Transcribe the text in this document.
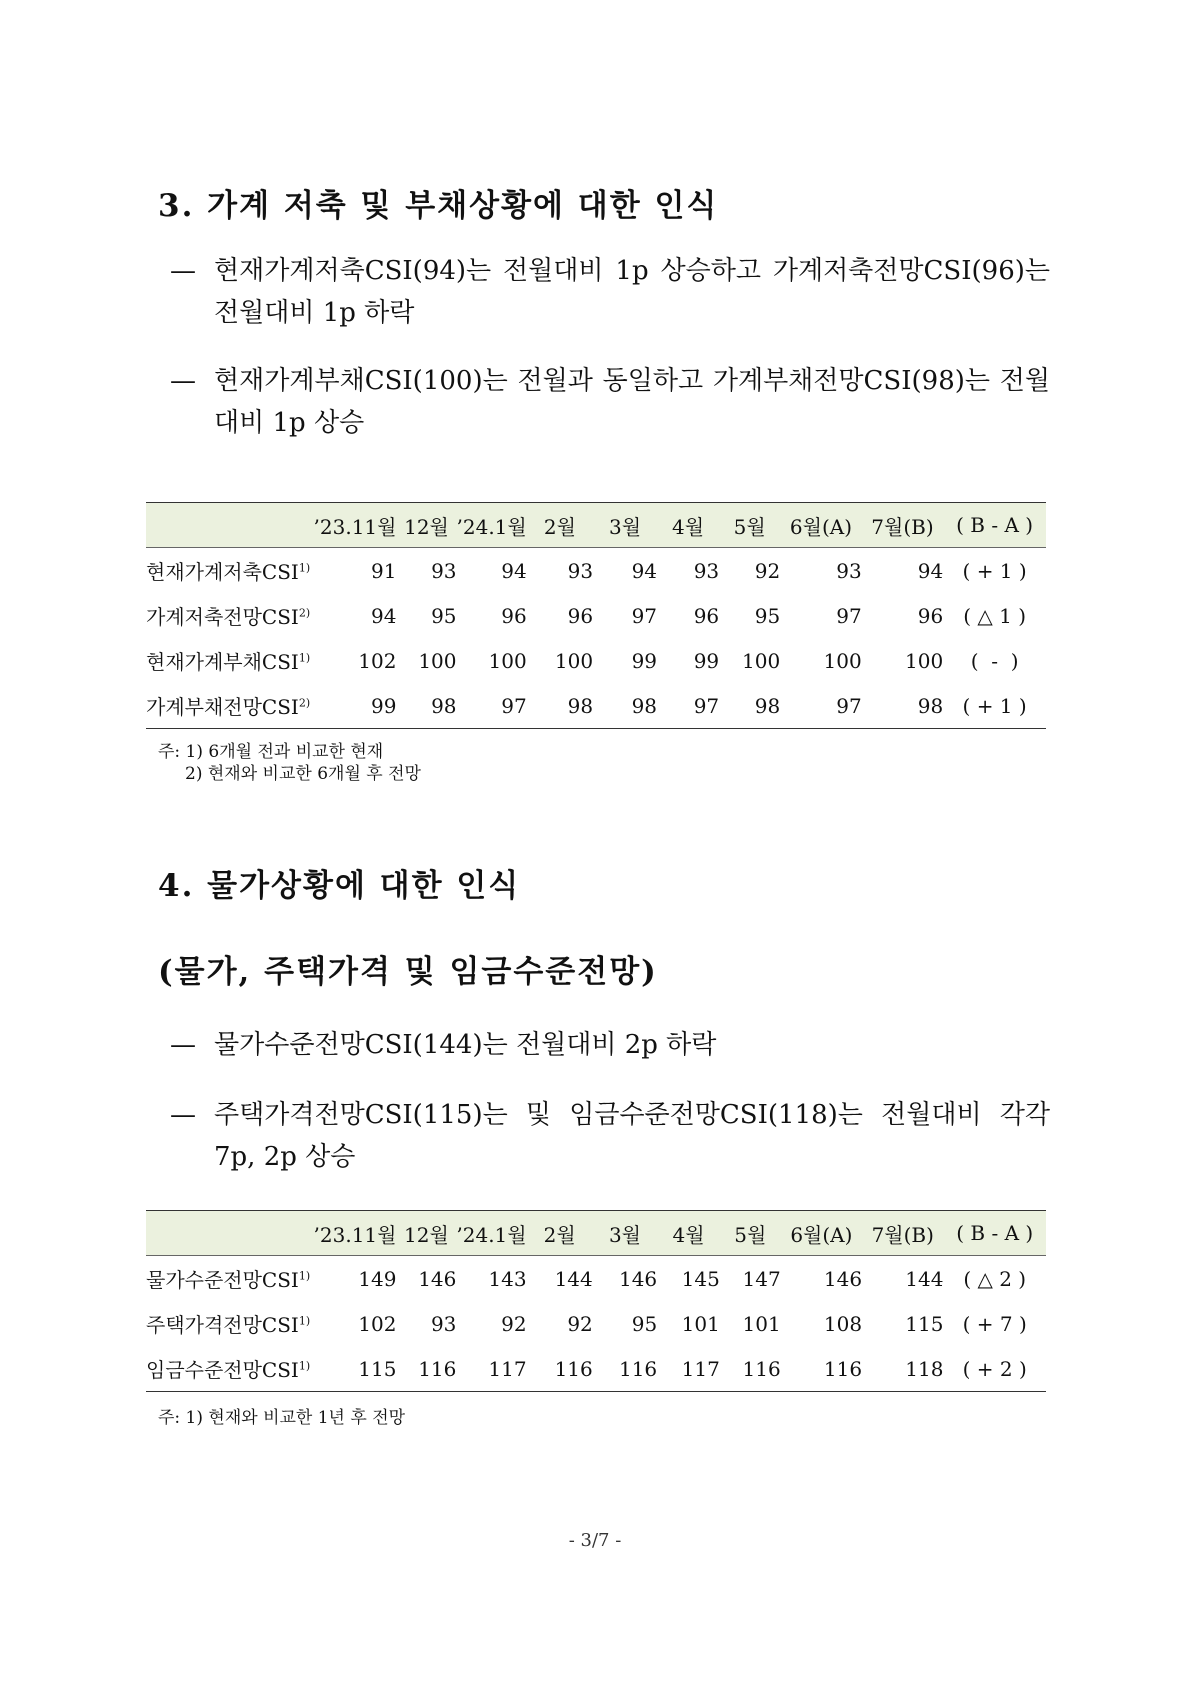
3. 가계 저축 및 부채상황에 대한 인식
— 현재가계저축CSI(94)는 전월대비 1p 상승하고 가계저축전망CSI(96)는 전월대비 1p 하락
— 현재가계부채CSI(100)는 전월과 동일하고 가계부채전망CSI(98)는 전월대비 1p 상승
	’23.11월	12월	’24.1월	2월	3월	4월	5월	6월(A)	7월(B)	( B - A )
현재가계저축CSI$^{1)}$	91	93	94	93	94	93	92	93	94	( + 1 )
가계저축전망CSI$^{2)}$	94	95	96	96	97	96	95	97	96	( △ 1 )
현재가계부채CSI$^{1)}$	102	100	100	100	99	99	100	100	100	(  -  )
가계부채전망CSI$^{2)}$	99	98	97	98	98	97	98	97	98	( + 1 )
주: 1) 6개월 전과 비교한 현재
2) 현재와 비교한 6개월 후 전망
4. 물가상황에 대한 인식
(물가, 주택가격 및 임금수준전망)
— 물가수준전망CSI(144)는 전월대비 2p 하락
— 주택가격전망CSI(115)는 및 임금수준전망CSI(118)는 전월대비 각각 7p, 2p 상승
	’23.11월	12월	’24.1월	2월	3월	4월	5월	6월(A)	7월(B)	( B - A )
물가수준전망CSI$^{1)}$	149	146	143	144	146	145	147	146	144	( △ 2 )
주택가격전망CSI$^{1)}$	102	93	92	92	95	101	101	108	115	( + 7 )
임금수준전망CSI$^{1)}$	115	116	117	116	116	117	116	116	118	( + 2 )
주: 1) 현재와 비교한 1년 후 전망
- 3/7 -
